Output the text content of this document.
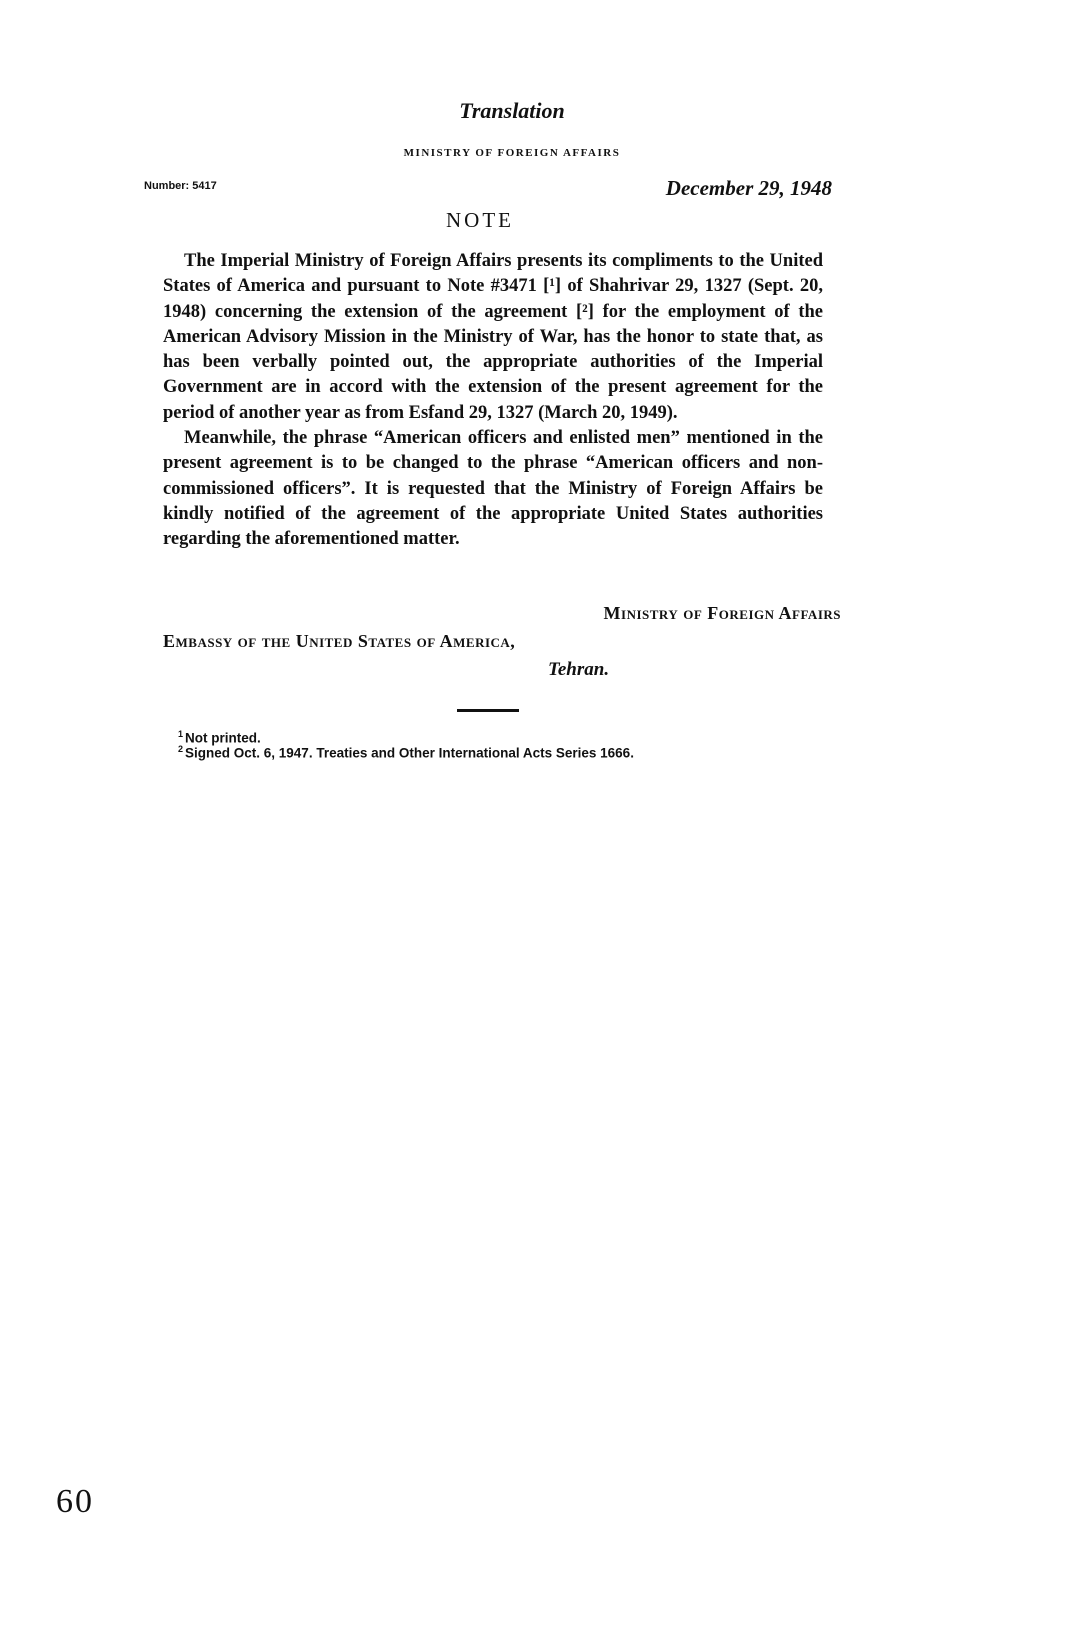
Translation
MINISTRY OF FOREIGN AFFAIRS
Number: 5417	December 29, 1948
NOTE

The Imperial Ministry of Foreign Affairs presents its compliments to the United States of America and pursuant to Note #3471 [¹] of Shahrivar 29, 1327 (Sept. 20, 1948) concerning the extension of the agreement [²] for the employment of the American Advisory Mission in the Ministry of War, has the honor to state that, as has been verbally pointed out, the appropriate authorities of the Imperial Government are in accord with the extension of the present agreement for the period of another year as from Esfand 29, 1327 (March 20, 1949).

Meanwhile, the phrase “American officers and enlisted men” mentioned in the present agreement is to be changed to the phrase “American officers and non-commissioned officers”. It is requested that the Ministry of Foreign Affairs be kindly notified of the agreement of the appropriate United States authorities regarding the aforementioned matter.

Ministry of Foreign Affairs
Embassy of the United States of America,
Tehran.
$^1$ Not printed.
$^2$ Signed Oct. 6, 1947. Treaties and Other International Acts Series 1666.
60
